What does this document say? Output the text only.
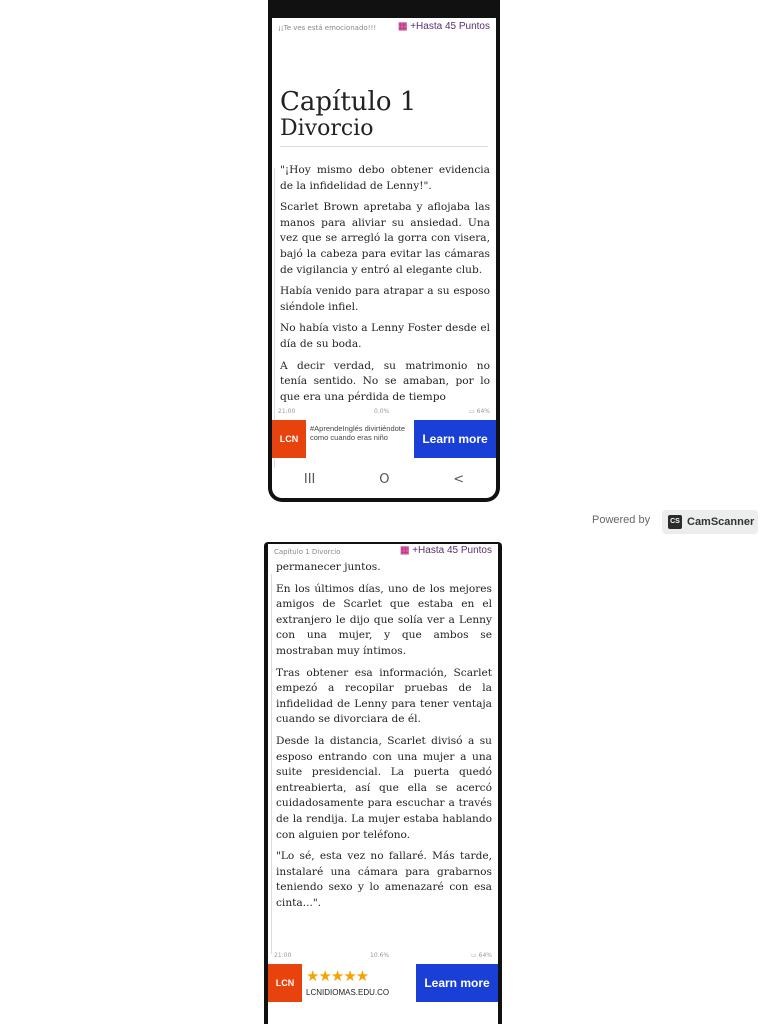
¡¡Te ves está emocionado!!! ▦ +Hasta 45 Puntos
Capítulo 1
Divorcio

"¡Hoy mismo debo obtener evidencia de la infidelidad de Lenny!".

Scarlet Brown apretaba y aflojaba las manos para aliviar su ansiedad. Una vez que se arregló la gorra con visera, bajó la cabeza para evitar las cámaras de vigilancia y entró al elegante club.

Había venido para atrapar a su esposo siéndole infiel.

No había visto a Lenny Foster desde el día de su boda.

A decir verdad, su matrimonio no tenía sentido. No se amaban, por lo que era una pérdida de tiempo

21:00	0.0%	▭ 64%
LCN
#AprendeInglés divirtiéndote como cuando eras niño	Learn more
III	O	<
Powered by	CS CamScanner
Capítulo 1 Divorcio	▦ +Hasta 45 Puntos

permanecer juntos.

En los últimos días, uno de los mejores amigos de Scarlet que estaba en el extranjero le dijo que solía ver a Lenny con una mujer, y que ambos se mostraban muy íntimos.

Tras obtener esa información, Scarlet empezó a recopilar pruebas de la infidelidad de Lenny para tener ventaja cuando se divorciara de él.

Desde la distancia, Scarlet divisó a su esposo entrando con una mujer a una suite presidencial. La puerta quedó entreabierta, así que ella se acercó cuidadosamente para escuchar a través de la rendija. La mujer estaba hablando con alguien por teléfono.

"Lo sé, esta vez no fallaré. Más tarde, instalaré una cámara para grabarnos teniendo sexo y lo amenazaré con esa cinta...".

21:00	10.6%	▭ 64%
LCN ★★★★★
LCNIDIOMAS.EDU.CO
Learn more
